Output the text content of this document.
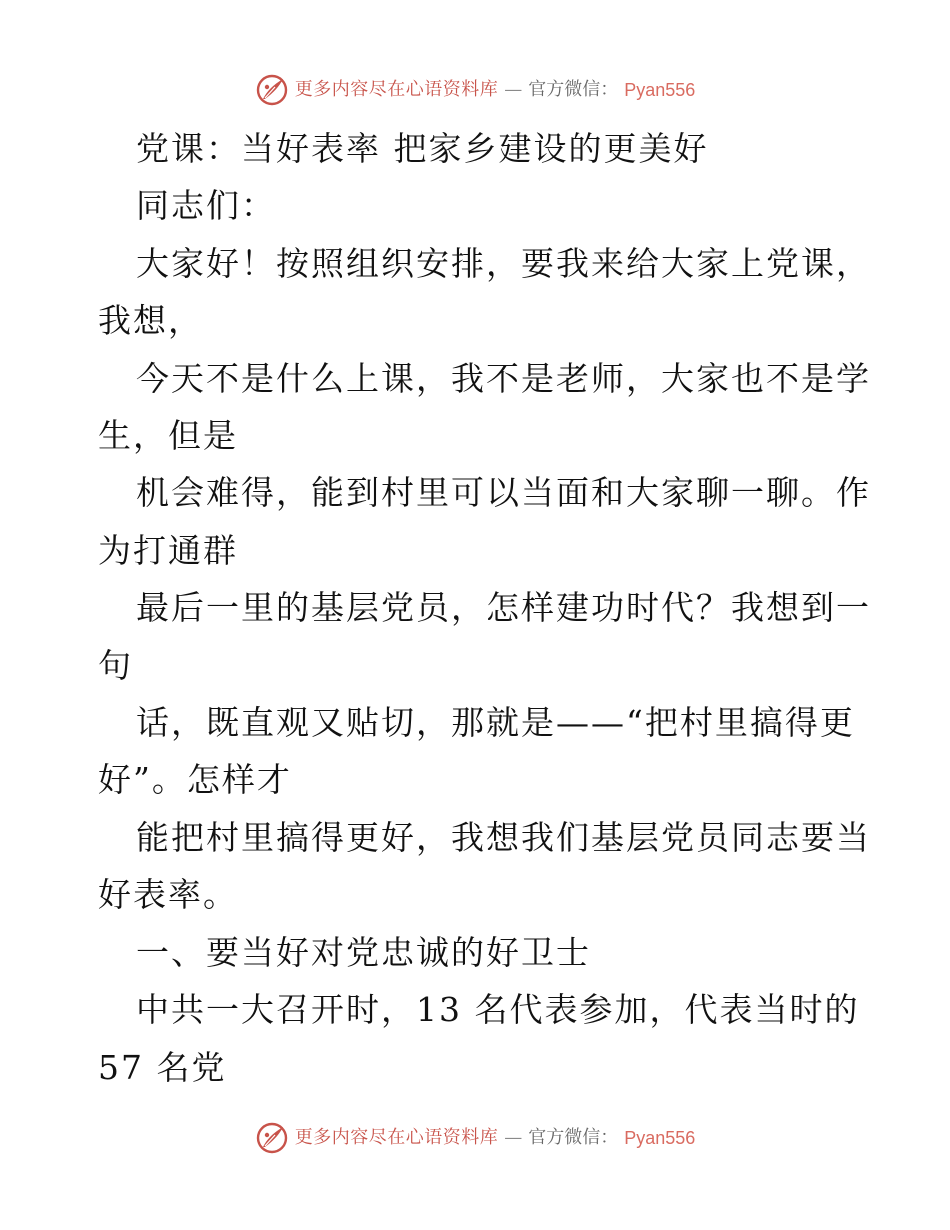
更多内容尽在心语资料库 — 官方微信： Pyan556

党课：当好表率 把家乡建设的更美好

同志们：

大家好！按照组织安排，要我来给大家上党课，

我想，

今天不是什么上课，我不是老师，大家也不是学

生，但是

机会难得，能到村里可以当面和大家聊一聊。作

为打通群

最后一里的基层党员，怎样建功时代？我想到一

句

话，既直观又贴切，那就是——“把村里搞得更

好”。怎样才

能把村里搞得更好，我想我们基层党员同志要当

好表率。

一、要当好对党忠诚的好卫士

中共一大召开时，13 名代表参加，代表当时的

57 名党

更多内容尽在心语资料库 — 官方微信： Pyan556
